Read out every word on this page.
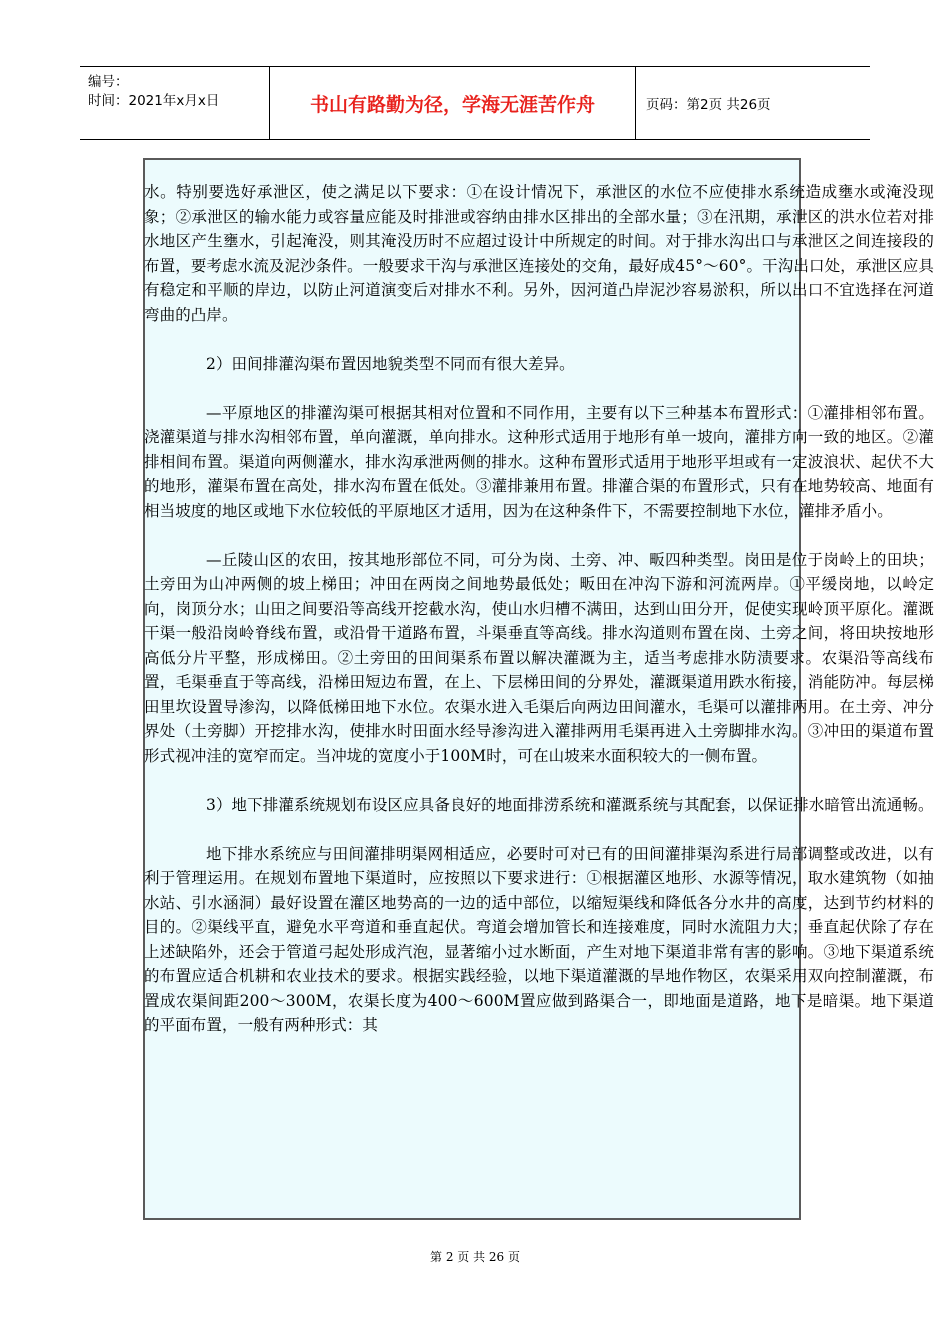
编号：
时间：2021年x月x日	书山有路勤为径，学海无涯苦作舟	页码：第2页 共26页

水。特别要选好承泄区，使之满足以下要求：①在设计情况下，承泄区的水位不应使排水系统造成壅水或淹没现象；②承泄区的输水能力或容量应能及时排泄或容纳由排水区排出的全部水量；③在汛期，承泄区的洪水位若对排水地区产生壅水，引起淹没，则其淹没历时不应超过设计中所规定的时间。对于排水沟出口与承泄区之间连接段的布置，要考虑水流及泥沙条件。一般要求干沟与承泄区连接处的交角，最好成45°～60°。干沟出口处，承泄区应具有稳定和平顺的岸边，以防止河道演变后对排水不利。另外，因河道凸岸泥沙容易淤积，所以出口不宜选择在河道弯曲的凸岸。

2）田间排灌沟渠布置因地貌类型不同而有很大差异。

—平原地区的排灌沟渠可根据其相对位置和不同作用，主要有以下三种基本布置形式：①灌排相邻布置。浇灌渠道与排水沟相邻布置，单向灌溉，单向排水。这种形式适用于地形有单一坡向，灌排方向一致的地区。②灌排相间布置。渠道向两侧灌水，排水沟承泄两侧的排水。这种布置形式适用于地形平坦或有一定波浪状、起伏不大的地形，灌渠布置在高处，排水沟布置在低处。③灌排兼用布置。排灌合渠的布置形式，只有在地势较高、地面有相当坡度的地区或地下水位较低的平原地区才适用，因为在这种条件下，不需要控制地下水位，灌排矛盾小。

—丘陵山区的农田，按其地形部位不同，可分为岗、土旁、冲、畈四种类型。岗田是位于岗岭上的田块；土旁田为山冲两侧的坡上梯田；冲田在两岗之间地势最低处；畈田在冲沟下游和河流两岸。①平缓岗地，以岭定向，岗顶分水；山田之间要沿等高线开挖截水沟，使山水归槽不满田，达到山田分开，促使实现岭顶平原化。灌溉干渠一般沿岗岭脊线布置，或沿骨干道路布置，斗渠垂直等高线。排水沟道则布置在岗、土旁之间，将田块按地形高低分片平整，形成梯田。②土旁田的田间渠系布置以解决灌溉为主，适当考虑排水防渍要求。农渠沿等高线布置，毛渠垂直于等高线，沿梯田短边布置，在上、下层梯田间的分界处，灌溉渠道用跌水衔接，消能防冲。每层梯田里坎设置导渗沟，以降低梯田地下水位。农渠水进入毛渠后向两边田间灌水，毛渠可以灌排两用。在土旁、冲分界处（土旁脚）开挖排水沟，使排水时田面水经导渗沟进入灌排两用毛渠再进入土旁脚排水沟。③冲田的渠道布置形式视冲洼的宽窄而定。当冲垅的宽度小于100M时，可在山坡来水面积较大的一侧布置。

3）地下排灌系统规划布设区应具备良好的地面排涝系统和灌溉系统与其配套，以保证排水暗管出流通畅。

地下排水系统应与田间灌排明渠网相适应，必要时可对已有的田间灌排渠沟系进行局部调整或改进，以有利于管理运用。在规划布置地下渠道时，应按照以下要求进行：①根据灌区地形、水源等情况，取水建筑物（如抽水站、引水涵洞）最好设置在灌区地势高的一边的适中部位，以缩短渠线和降低各分水井的高度，达到节约材料的目的。②渠线平直，避免水平弯道和垂直起伏。弯道会增加管长和连接难度，同时水流阻力大；垂直起伏除了存在上述缺陷外，还会于管道弓起处形成汽泡，显著缩小过水断面，产生对地下渠道非常有害的影响。③地下渠道系统的布置应适合机耕和农业技术的要求。根据实践经验，以地下渠道灌溉的旱地作物区，农渠采用双向控制灌溉，布置成农渠间距200～300M，农渠长度为400～600M置应做到路渠合一，即地面是道路，地下是暗渠。地下渠道的平面布置，一般有两种形式：其

第 2 页 共 26 页
